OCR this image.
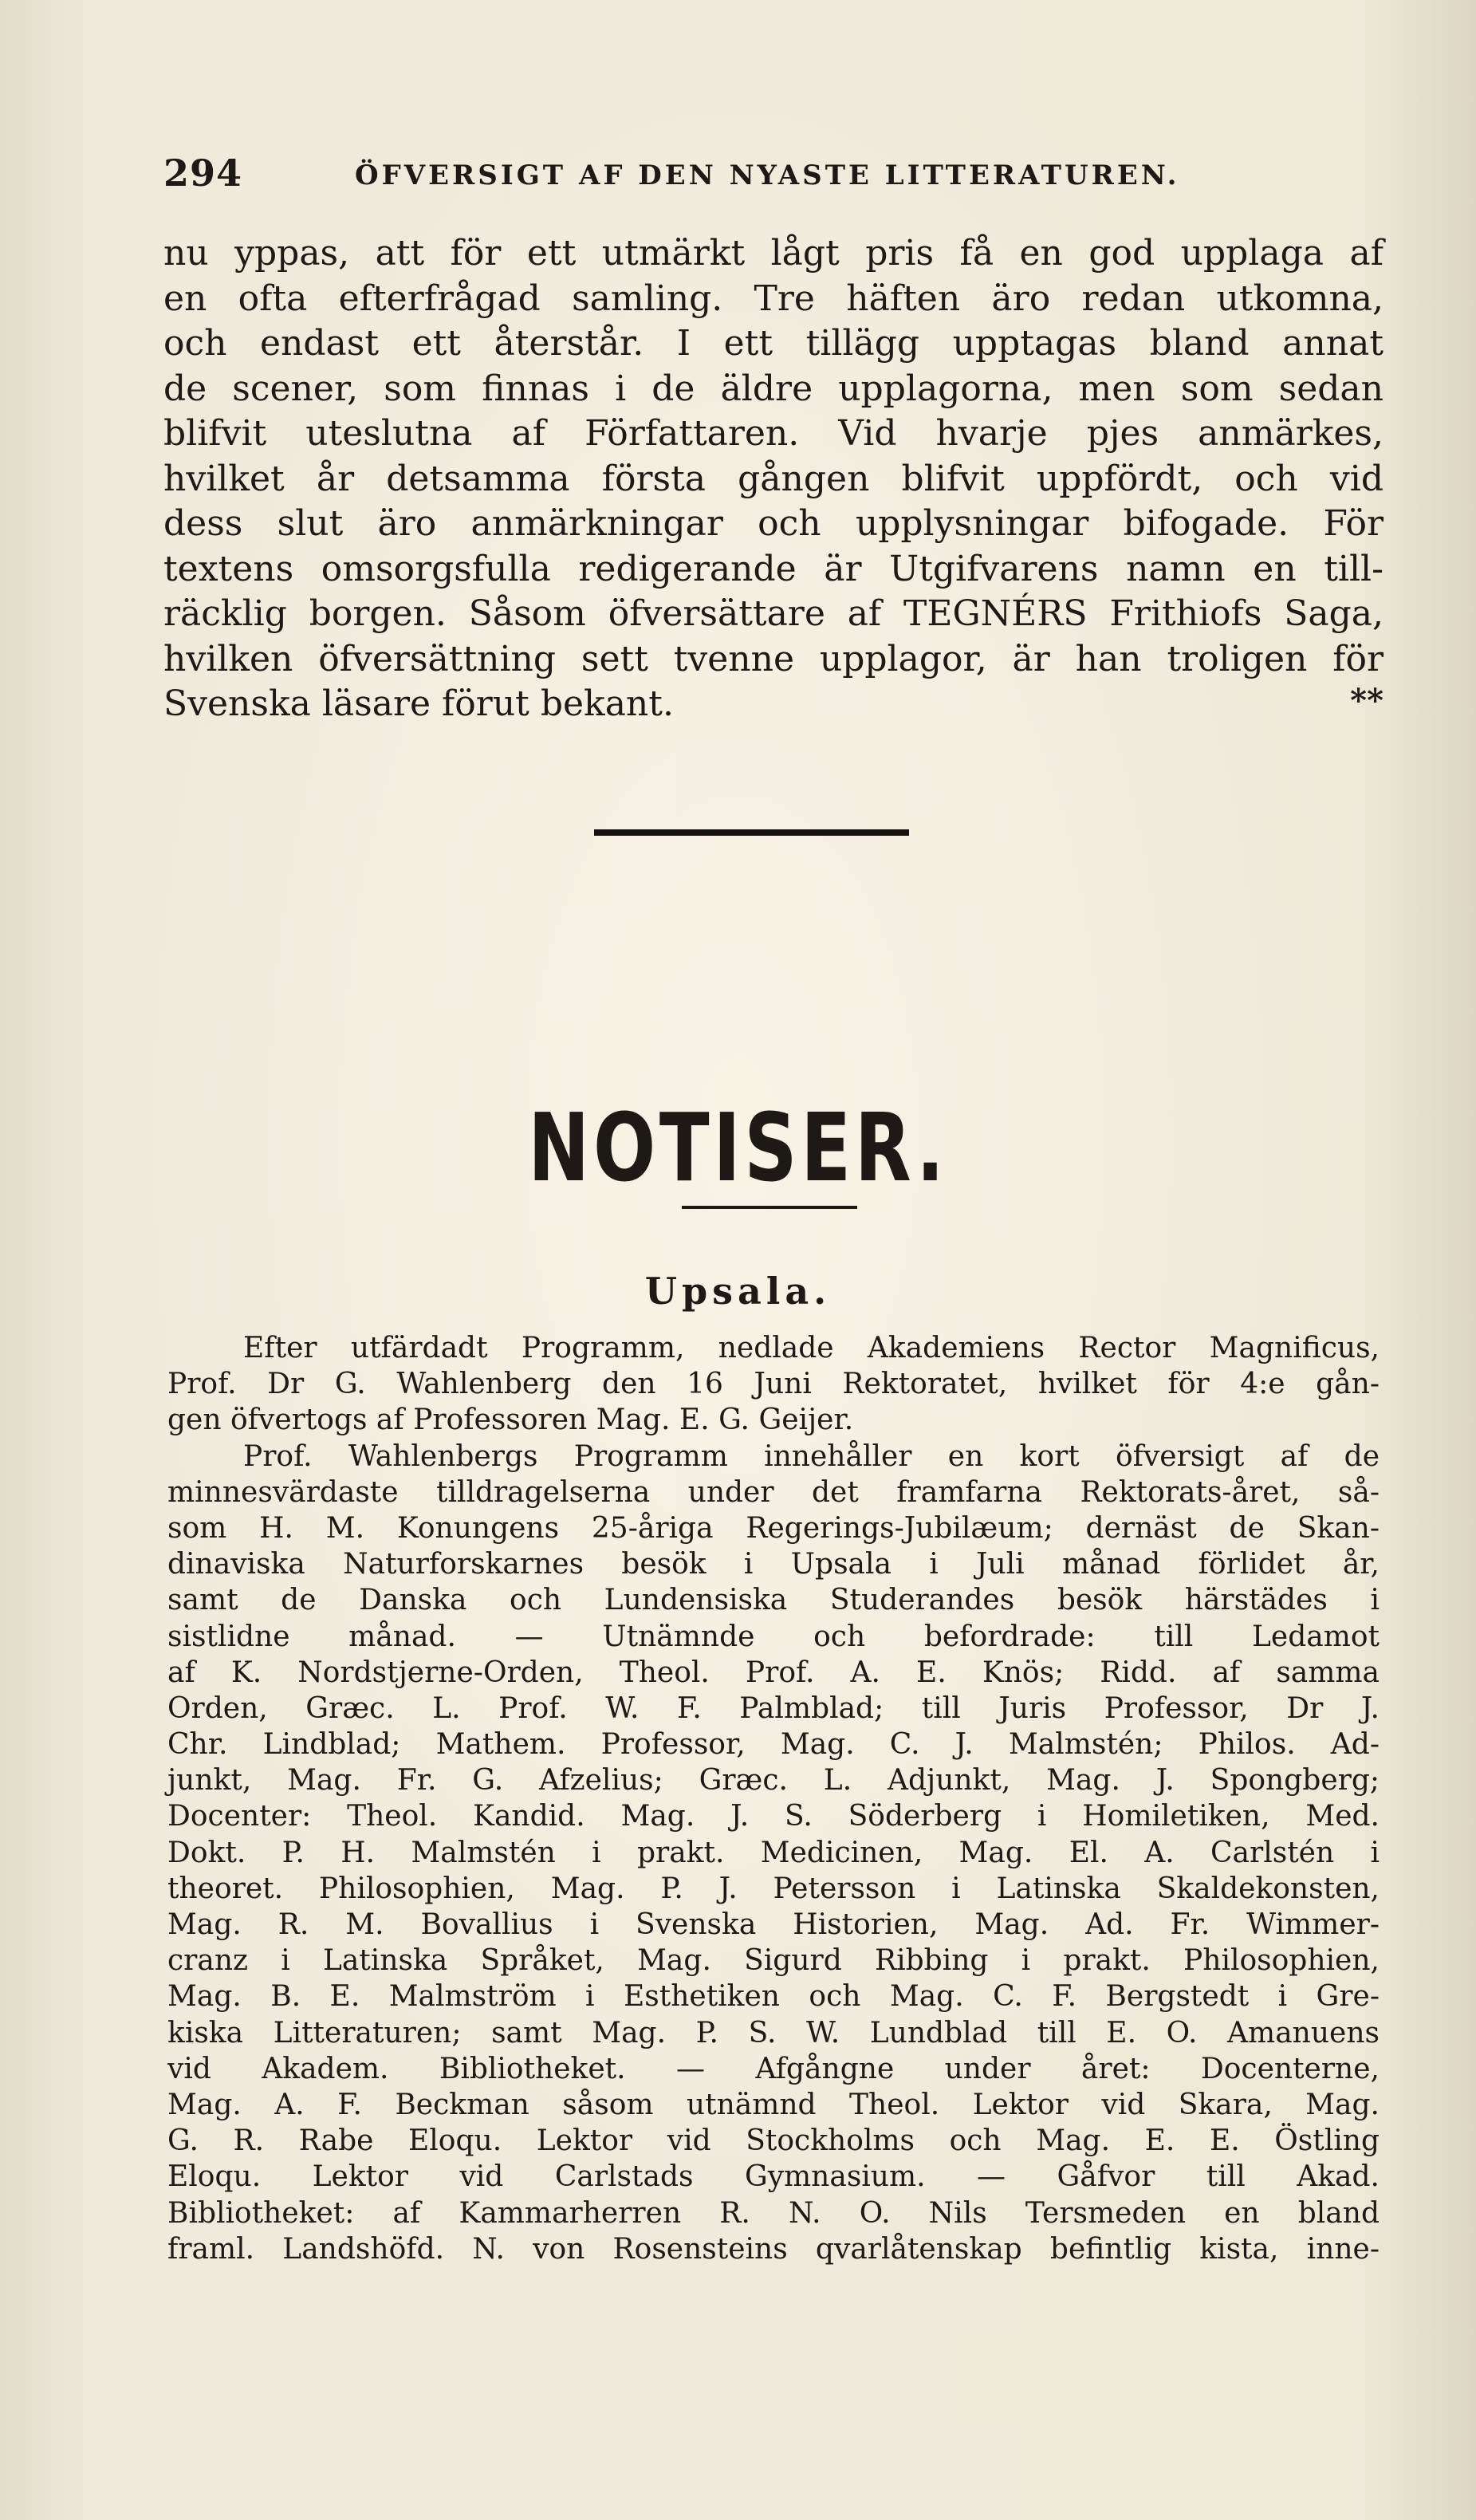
294	ÖFVERSIGT AF DEN NYASTE LITTERATUREN.
nu yppas, att för ett utmärkt lågt pris få en god upplaga af
en ofta efterfrågad samling. Tre häften äro redan utkomna,
och endast ett återstår. I ett tillägg upptagas bland annat
de scener, som finnas i de äldre upplagorna, men som sedan
blifvit uteslutna af Författaren. Vid hvarje pjes anmärkes,
hvilket år detsamma första gången blifvit uppfördt, och vid
dess slut äro anmärkningar och upplysningar bifogade. För
textens omsorgsfulla redigerande är Utgifvarens namn en till-
räcklig borgen. Såsom öfversättare af TEGNÉRS Frithiofs Saga,
hvilken öfversättning sett tvenne upplagor, är han troligen för
Svenska läsare förut bekant.	**
NOTISER.
Upsala.
Efter utfärdadt Programm, nedlade Akademiens Rector Magnificus,
Prof. Dr G. Wahlenberg den 16 Juni Rektoratet, hvilket för 4:e gån-
gen öfvertogs af Professoren Mag. E. G. Geijer.
Prof. Wahlenbergs Programm innehåller en kort öfversigt af de
minnesvärdaste tilldragelserna under det framfarna Rektorats-året, så-
som H. M. Konungens 25-åriga Regerings-Jubilæum; dernäst de Skan-
dinaviska Naturforskarnes besök i Upsala i Juli månad förlidet år,
samt de Danska och Lundensiska Studerandes besök härstädes i
sistlidne månad. — Utnämnde och befordrade: till Ledamot
af K. Nordstjerne-Orden, Theol. Prof. A. E. Knös; Ridd. af samma
Orden, Græc. L. Prof. W. F. Palmblad; till Juris Professor, Dr J.
Chr. Lindblad; Mathem. Professor, Mag. C. J. Malmstén; Philos. Ad-
junkt, Mag. Fr. G. Afzelius; Græc. L. Adjunkt, Mag. J. Spongberg;
Docenter: Theol. Kandid. Mag. J. S. Söderberg i Homiletiken, Med.
Dokt. P. H. Malmstén i prakt. Medicinen, Mag. El. A. Carlstén i
theoret. Philosophien, Mag. P. J. Petersson i Latinska Skaldekonsten,
Mag. R. M. Bovallius i Svenska Historien, Mag. Ad. Fr. Wimmer-
cranz i Latinska Språket, Mag. Sigurd Ribbing i prakt. Philosophien,
Mag. B. E. Malmström i Esthetiken och Mag. C. F. Bergstedt i Gre-
kiska Litteraturen; samt Mag. P. S. W. Lundblad till E. O. Amanuens
vid Akadem. Bibliotheket. — Afgångne under året: Docenterne,
Mag. A. F. Beckman såsom utnämnd Theol. Lektor vid Skara, Mag.
G. R. Rabe Eloqu. Lektor vid Stockholms och Mag. E. E. Östling
Eloqu. Lektor vid Carlstads Gymnasium. — Gåfvor till Akad.
Bibliotheket: af Kammarherren R. N. O. Nils Tersmeden en bland
framl. Landshöfd. N. von Rosensteins qvarlåtenskap befintlig kista, inne-
